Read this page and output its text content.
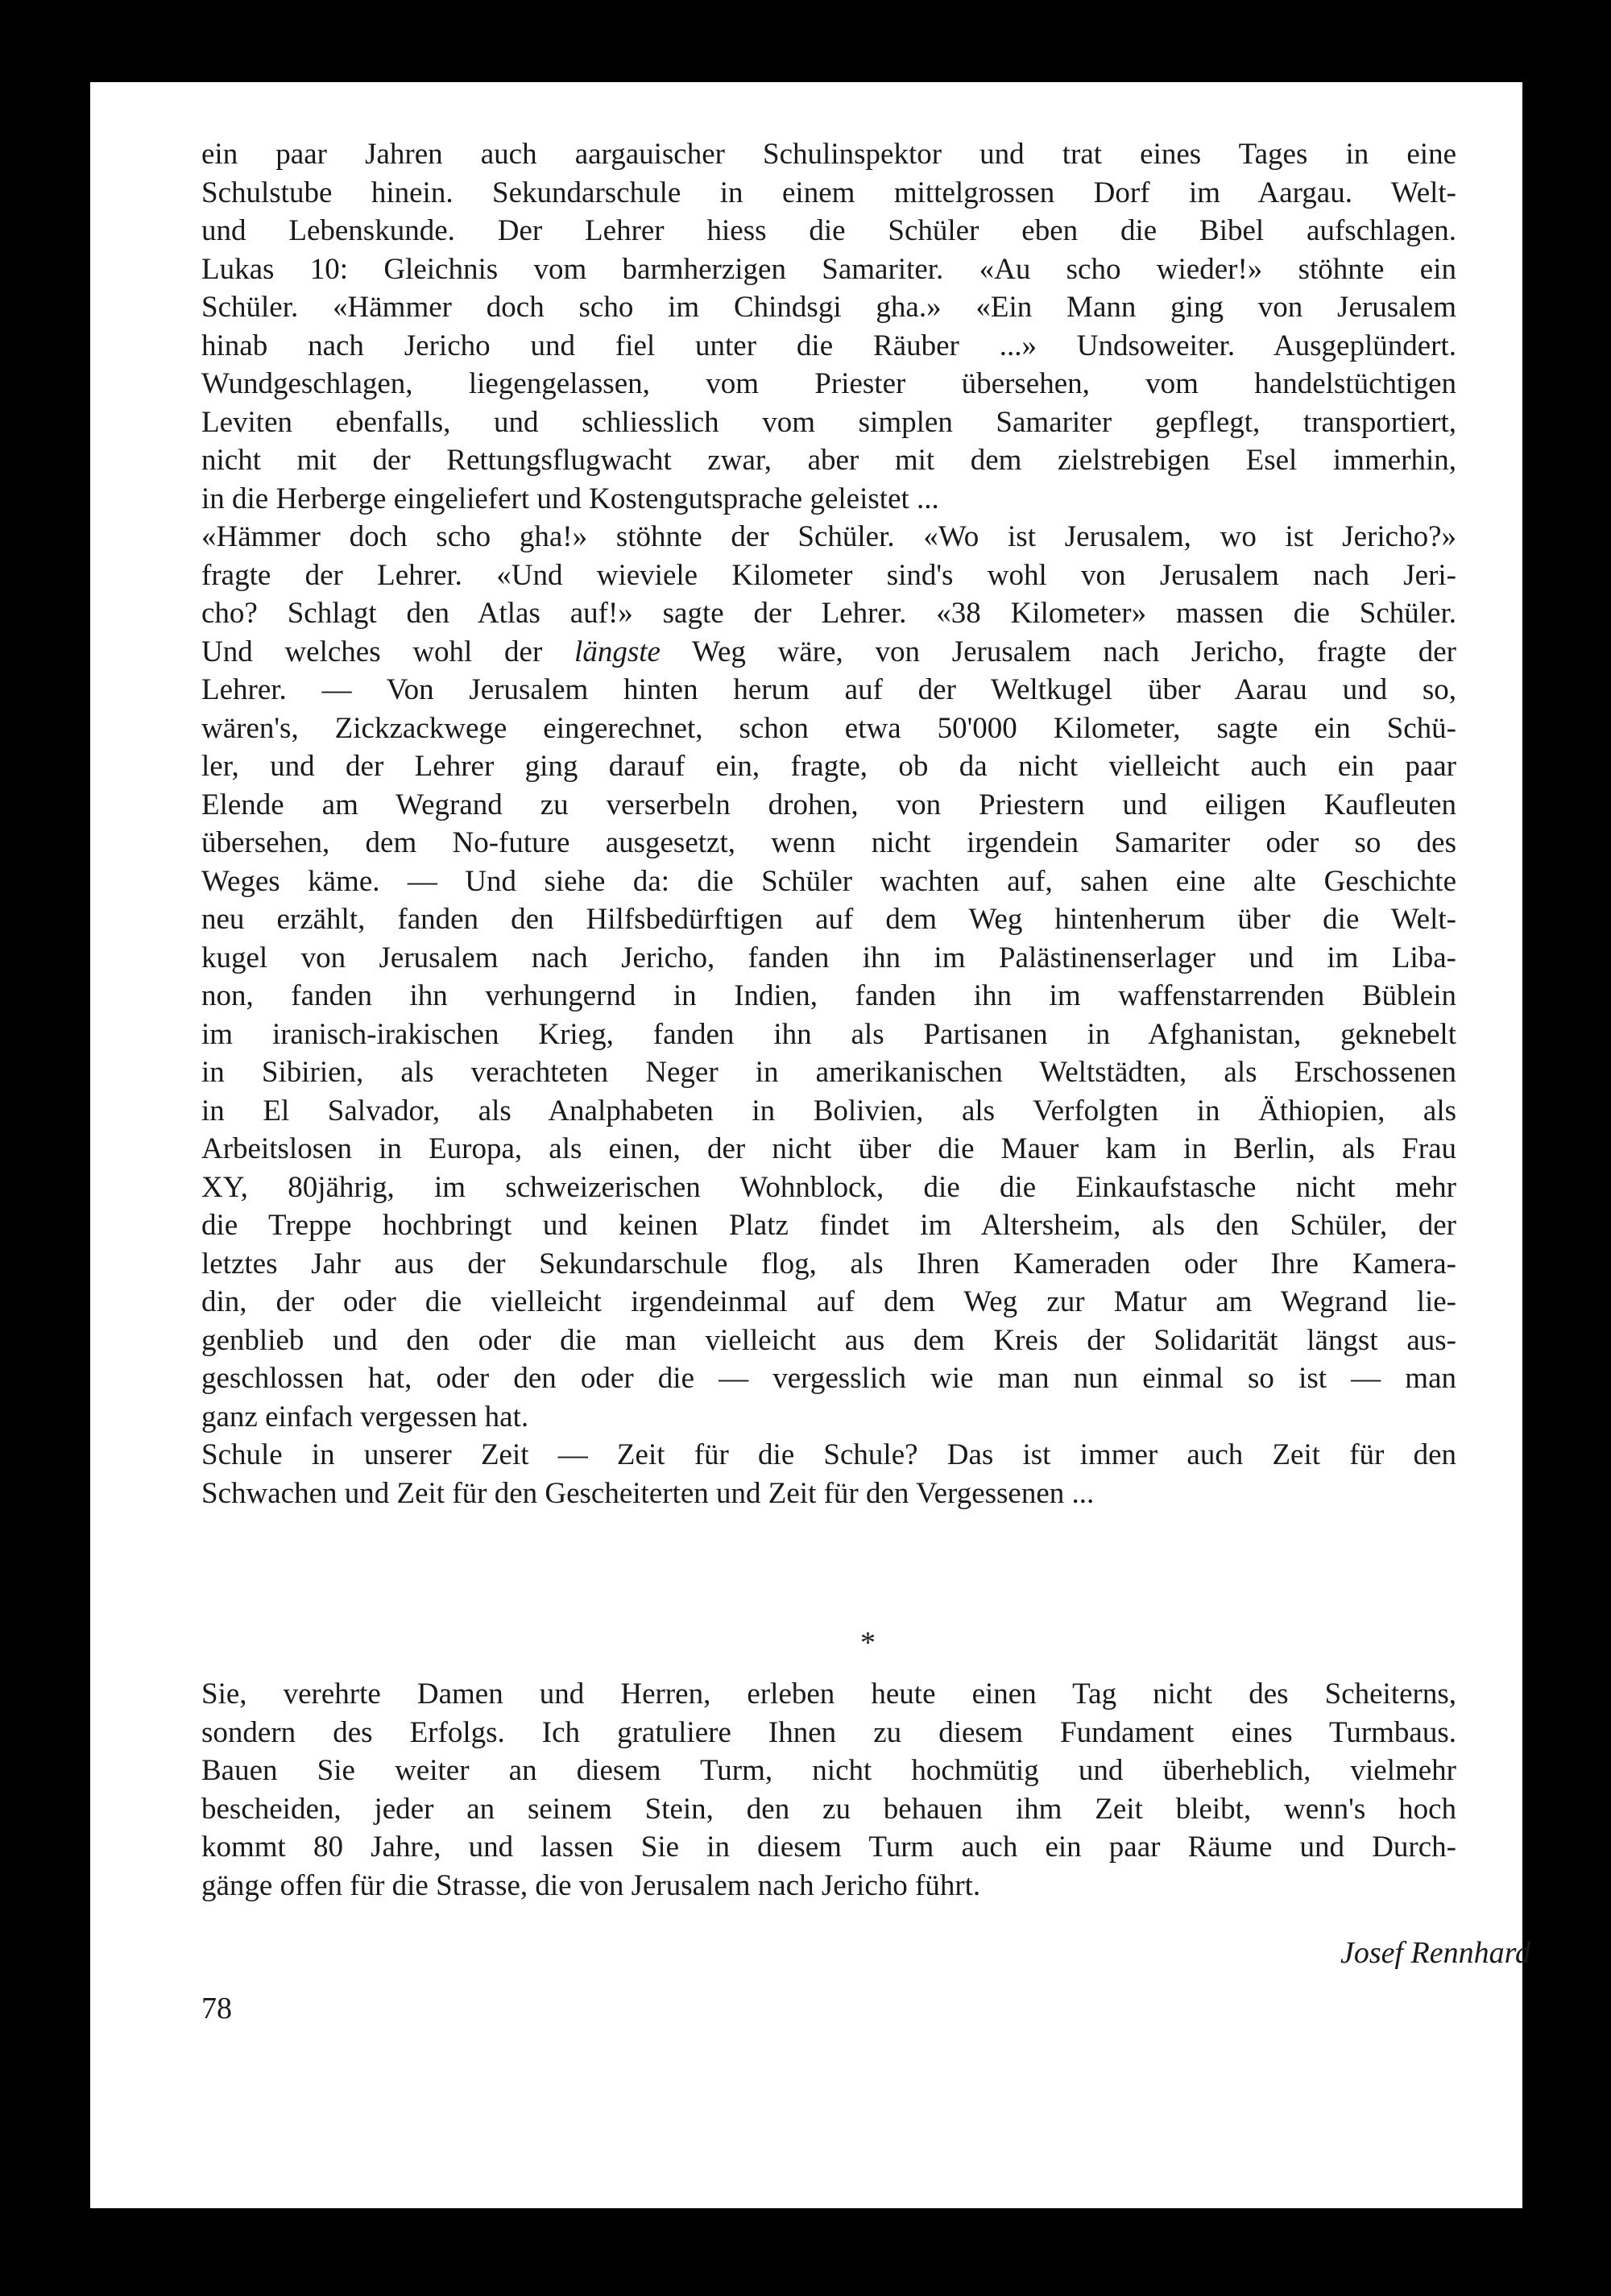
ein paar Jahren auch aargauischer Schulinspektor und trat eines Tages in eine
Schulstube hinein. Sekundarschule in einem mittelgrossen Dorf im Aargau. Welt-
und Lebenskunde. Der Lehrer hiess die Schüler eben die Bibel aufschlagen.
Lukas 10: Gleichnis vom barmherzigen Samariter. «Au scho wieder!» stöhnte ein
Schüler. «Hämmer doch scho im Chindsgi gha.» «Ein Mann ging von Jerusalem
hinab nach Jericho und fiel unter die Räuber ...» Undsoweiter. Ausgeplündert.
Wundgeschlagen, liegengelassen, vom Priester übersehen, vom handelstüchtigen
Leviten ebenfalls, und schliesslich vom simplen Samariter gepflegt, transportiert,
nicht mit der Rettungsflugwacht zwar, aber mit dem zielstrebigen Esel immerhin,
in die Herberge eingeliefert und Kostengutsprache geleistet ...
«Hämmer doch scho gha!» stöhnte der Schüler. «Wo ist Jerusalem, wo ist Jericho?»
fragte der Lehrer. «Und wieviele Kilometer sind's wohl von Jerusalem nach Jeri-
cho? Schlagt den Atlas auf!» sagte der Lehrer. «38 Kilometer» massen die Schüler.
Und welches wohl der längste Weg wäre, von Jerusalem nach Jericho, fragte der
Lehrer. — Von Jerusalem hinten herum auf der Weltkugel über Aarau und so,
wären's, Zickzackwege eingerechnet, schon etwa 50'000 Kilometer, sagte ein Schü-
ler, und der Lehrer ging darauf ein, fragte, ob da nicht vielleicht auch ein paar
Elende am Wegrand zu verserbeln drohen, von Priestern und eiligen Kaufleuten
übersehen, dem No-future ausgesetzt, wenn nicht irgendein Samariter oder so des
Weges käme. — Und siehe da: die Schüler wachten auf, sahen eine alte Geschichte
neu erzählt, fanden den Hilfsbedürftigen auf dem Weg hintenherum über die Welt-
kugel von Jerusalem nach Jericho, fanden ihn im Palästinenserlager und im Liba-
non, fanden ihn verhungernd in Indien, fanden ihn im waffenstarrenden Büblein
im iranisch-irakischen Krieg, fanden ihn als Partisanen in Afghanistan, geknebelt
in Sibirien, als verachteten Neger in amerikanischen Weltstädten, als Erschossenen
in El Salvador, als Analphabeten in Bolivien, als Verfolgten in Äthiopien, als
Arbeitslosen in Europa, als einen, der nicht über die Mauer kam in Berlin, als Frau
XY, 80jährig, im schweizerischen Wohnblock, die die Einkaufstasche nicht mehr
die Treppe hochbringt und keinen Platz findet im Altersheim, als den Schüler, der
letztes Jahr aus der Sekundarschule flog, als Ihren Kameraden oder Ihre Kamera-
din, der oder die vielleicht irgendeinmal auf dem Weg zur Matur am Wegrand lie-
genblieb und den oder die man vielleicht aus dem Kreis der Solidarität längst aus-
geschlossen hat, oder den oder die — vergesslich wie man nun einmal so ist — man
ganz einfach vergessen hat.
Schule in unserer Zeit — Zeit für die Schule? Das ist immer auch Zeit für den
Schwachen und Zeit für den Gescheiterten und Zeit für den Vergessenen ...
*
Sie, verehrte Damen und Herren, erleben heute einen Tag nicht des Scheiterns,
sondern des Erfolgs. Ich gratuliere Ihnen zu diesem Fundament eines Turmbaus.
Bauen Sie weiter an diesem Turm, nicht hochmütig und überheblich, vielmehr
bescheiden, jeder an seinem Stein, den zu behauen ihm Zeit bleibt, wenn's hoch
kommt 80 Jahre, und lassen Sie in diesem Turm auch ein paar Räume und Durch-
gänge offen für die Strasse, die von Jerusalem nach Jericho führt.
Josef Rennhard
78
